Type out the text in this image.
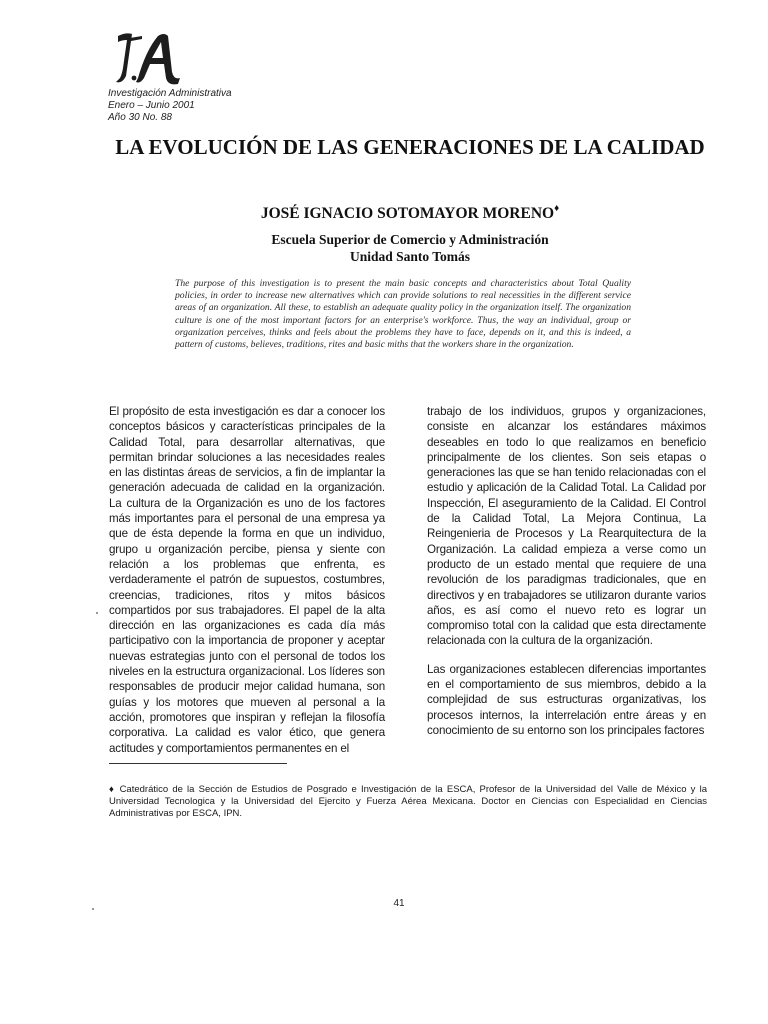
Investigación Administrativa
Enero – Junio 2001
Año 30 No. 88
LA EVOLUCIÓN DE LAS GENERACIONES DE LA CALIDAD
JOSÉ IGNACIO SOTOMAYOR MORENO♦
Escuela Superior de Comercio y Administración
Unidad Santo Tomás
The purpose of this investigation is to present the main basic concepts and characteristics about Total Quality policies, in order to increase new alternatives which can provide solutions to real necessities in the different service areas of an organization. All these, to establish an adequate quality policy in the organization itself. The organization culture is one of the most important factors for an enterprise's workforce. Thus, the way an individual, group or organization perceives, thinks and feels about the problems they have to face, depends on it, and this is indeed, a pattern of customs, believes, traditions, rites and basic miths that the workers share in the organization.

El propósito de esta investigación es dar a conocer los conceptos básicos y características principales de la Calidad Total, para desarrollar alternativas, que permitan brindar soluciones a las necesidades reales en las distintas áreas de servicios, a fin de implantar la generación adecuada de calidad en la organización. La cultura de la Organización es uno de los factores más importantes para el personal de una empresa ya que de ésta depende la forma en que un individuo, grupo u organización percibe, piensa y siente con relación a los problemas que enfrenta, es verdaderamente el patrón de supuestos, costumbres, creencias, tradiciones, ritos y mitos básicos compartidos por sus trabajadores. El papel de la alta dirección en las organizaciones es cada día más participativo con la importancia de proponer y aceptar nuevas estrategias junto con el personal de todos los niveles en la estructura organizacional. Los líderes son responsables de producir mejor calidad humana, son guías y los motores que mueven al personal a la acción, promotores que inspiran y reflejan la filosofía corporativa. La calidad es valor ético, que genera actitudes y comportamientos permanentes en el

trabajo de los individuos, grupos y organizaciones, consiste en alcanzar los estándares máximos deseables en todo lo que realizamos en beneficio principalmente de los clientes. Son seis etapas o generaciones las que se han tenido relacionadas con el estudio y aplicación de la Calidad Total. La Calidad por Inspección, El aseguramiento de la Calidad. El Control de la Calidad Total, La Mejora Continua, La Reingenieria de Procesos y La Rearquitectura de la Organización. La calidad empieza a verse como un producto de un estado mental que requiere de una revolución de los paradigmas tradicionales, que en directivos y en trabajadores se utilizaron durante varios años, es así como el nuevo reto es lograr un compromiso total con la calidad que esta directamente relacionada con la cultura de la organización.

Las organizaciones establecen diferencias importantes en el comportamiento de sus miembros, debido a la complejidad de sus estructuras organizativas, los procesos internos, la interrelación entre áreas y en conocimiento de su entorno son los principales factores

♦ Catedrático de la Sección de Estudios de Posgrado e Investigación de la ESCA, Profesor de la Universidad del Valle de México y la Universidad Tecnologica y la Universidad del Ejercito y Fuerza Aérea Mexicana. Doctor en Ciencias con Especialidad en Ciencias Administrativas por ESCA, IPN.
41
